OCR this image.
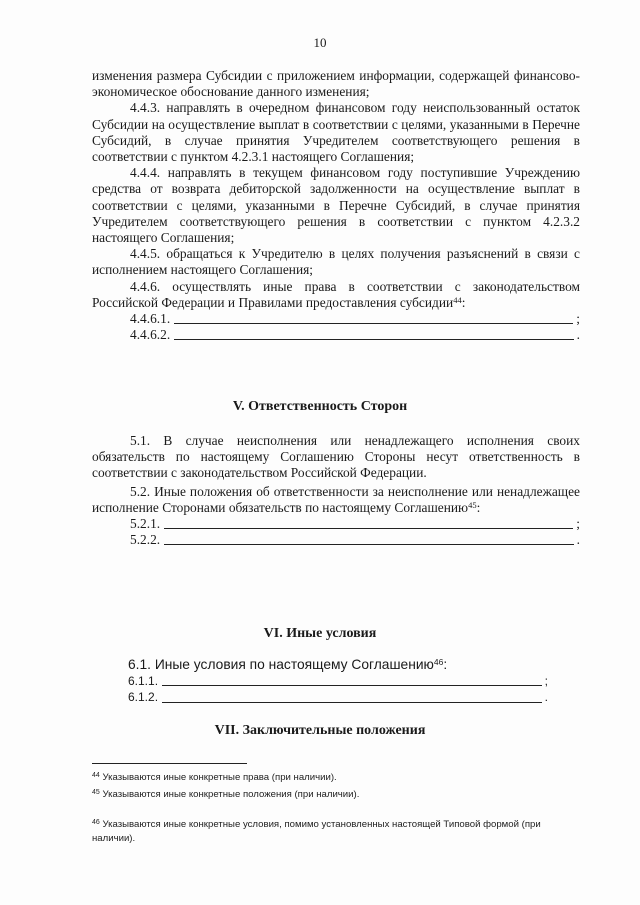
10

изменения размера Субсидии с приложением информации, содержащей финансово-экономическое обоснование данного изменения;

4.4.3. направлять в очередном финансовом году неиспользованный остаток Субсидии на осуществление выплат в соответствии с целями, указанными в Перечне Субсидий, в случае принятия Учредителем соответствующего решения в соответствии с пунктом 4.2.3.1 настоящего Соглашения;

4.4.4. направлять в текущем финансовом году поступившие Учреждению средства от возврата дебиторской задолженности на осуществление выплат в соответствии с целями, указанными в Перечне Субсидий, в случае принятия Учредителем соответствующего решения в соответствии с пунктом 4.2.3.2 настоящего Соглашения;

4.4.5. обращаться к Учредителю в целях получения разъяснений в связи с исполнением настоящего Соглашения;

4.4.6. осуществлять иные права в соответствии с законодательством Российской Федерации и Правилами предоставления субсидии$^{44}$:

4.4.6.1.	;
4.4.6.2.	.
V. Ответственность Сторон

5.1. В случае неисполнения или ненадлежащего исполнения своих обязательств по настоящему Соглашению Стороны несут ответственность в соответствии с законодательством Российской Федерации.

5.2. Иные положения об ответственности за неисполнение или ненадлежащее исполнение Сторонами обязательств по настоящему Соглашению$^{45}$:

5.2.1.	;
5.2.2.	.
VI. Иные условия

6.1. Иные условия по настоящему Соглашению$^{46}$:

6.1.1.	;
6.1.2.	.
VII. Заключительные положения
$^{44}$ Указываются иные конкретные права (при наличии).
$^{45}$ Указываются иные конкретные положения (при наличии).
$^{46}$ Указываются иные конкретные условия, помимо установленных настоящей Типовой формой (при наличии).
